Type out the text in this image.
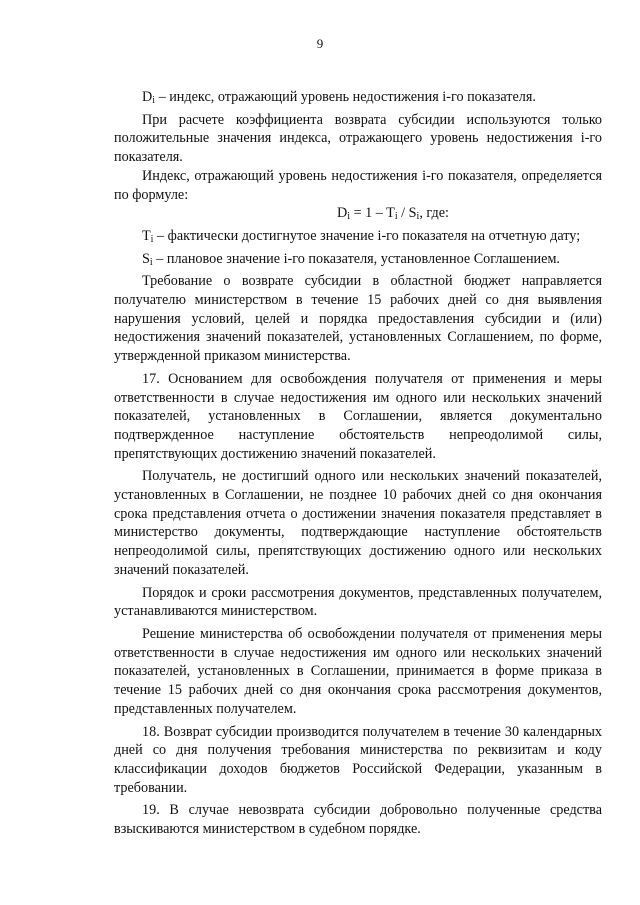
9

$D_i$ – индекс, отражающий уровень недостижения i-го показателя.

При расчете коэффициента возврата субсидии используются только положительные значения индекса, отражающего уровень недостижения i-го показателя.

Индекс, отражающий уровень недостижения i-го показателя, определяется по формуле:

$D_i = 1 - T_i / S_i$, где:

$T_i$ – фактически достигнутое значение i-го показателя на отчетную дату;

$S_i$ – плановое значение i-го показателя, установленное Соглашением.

Требование о возврате субсидии в областной бюджет направляется получателю министерством в течение 15 рабочих дней со дня выявления нарушения условий, целей и порядка предоставления субсидии и (или) недостижения значений показателей, установленных Соглашением, по форме, утвержденной приказом министерства.

17. Основанием для освобождения получателя от применения и меры ответственности в случае недостижения им одного или нескольких значений показателей, установленных в Соглашении, является документально подтвержденное наступление обстоятельств непреодолимой силы, препятствующих достижению значений показателей.

Получатель, не достигший одного или нескольких значений показателей, установленных в Соглашении, не позднее 10 рабочих дней со дня окончания срока представления отчета о достижении значения показателя представляет в министерство документы, подтверждающие наступление обстоятельств непреодолимой силы, препятствующих достижению одного или нескольких значений показателей.

Порядок и сроки рассмотрения документов, представленных получателем, устанавливаются министерством.

Решение министерства об освобождении получателя от применения меры ответственности в случае недостижения им одного или нескольких значений показателей, установленных в Соглашении, принимается в форме приказа в течение 15 рабочих дней со дня окончания срока рассмотрения документов, представленных получателем.

18. Возврат субсидии производится получателем в течение 30 календарных дней со дня получения требования министерства по реквизитам и коду классификации доходов бюджетов Российской Федерации, указанным в требовании.

19. В случае невозврата субсидии добровольно полученные средства взыскиваются министерством в судебном порядке.
